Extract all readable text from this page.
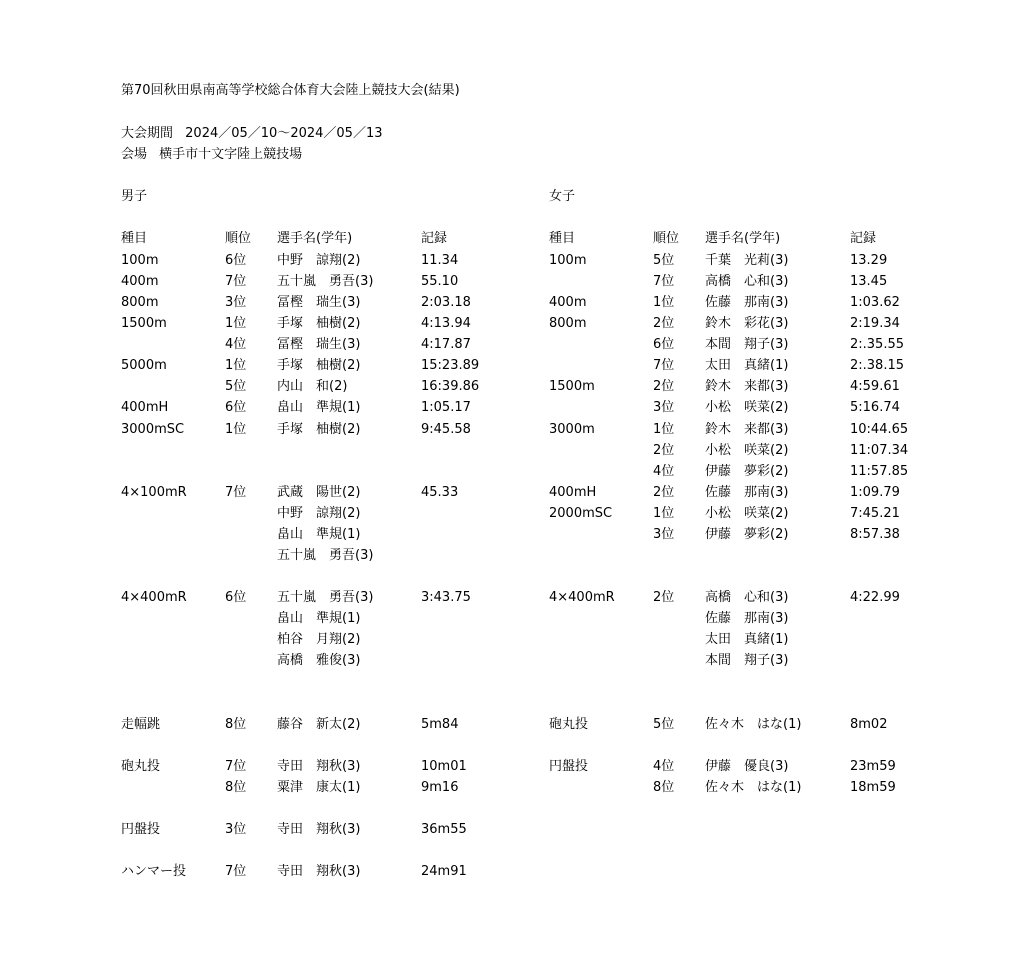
第70回秋田県南高等学校総合体育大会陸上競技大会(結果)
大会期間 2024／05／10〜2024／05／13
会場 横手市十文字陸上競技場
男子	女子
種目	順位 選手名(学年)	記録	種目	順位 選手名(学年)	記録
100m	6位 中野　諒翔(2)	11.34
400m	7位 五十嵐　勇吾(3)	55.10
800m	3位 冨樫　瑞生(3)	2:03.18
1500m	1位 手塚　柚樹(2)	4:13.94
4位 冨樫　瑞生(3)	4:17.87
5000m	1位 手塚　柚樹(2)	15:23.89
5位 内山　和(2)	16:39.86
400mH	6位 畠山　準規(1)	1:05.17
3000mSC	1位 手塚　柚樹(2)	9:45.58
4×100mR	7位 武蔵　陽世(2)	45.33
中野　諒翔(2)
畠山　準規(1)
五十嵐　勇吾(3)
4×400mR	6位 五十嵐　勇吾(3)	3:43.75
畠山　準規(1)
柏谷　月翔(2)
高橋　雅俊(3)
走幅跳	8位 藤谷　新太(2)	5m84
砲丸投	7位 寺田　翔秋(3)	10m01
8位 粟津　康太(1)	9m16
円盤投	3位 寺田　翔秋(3)	36m55
ハンマー投	7位 寺田　翔秋(3)	24m91
100m	5位 千葉　光莉(3)	13.29
7位 高橋　心和(3)	13.45
400m	1位 佐藤　那南(3)	1:03.62
800m	2位 鈴木　彩花(3)	2:19.34
6位 本間　翔子(3)	2:.35.55
7位 太田　真緒(1)	2:.38.15
1500m	2位 鈴木　来都(3)	4:59.61
3位 小松　咲菜(2)	5:16.74
3000m	1位 鈴木　来都(3)	10:44.65
2位 小松　咲菜(2)	11:07.34
4位 伊藤　夢彩(2)	11:57.85
400mH	2位 佐藤　那南(3)	1:09.79
2000mSC	1位 小松　咲菜(2)	7:45.21
3位 伊藤　夢彩(2)	8:57.38
4×400mR	2位 高橋　心和(3)	4:22.99
佐藤　那南(3)
太田　真緒(1)
本間　翔子(3)
砲丸投	5位 佐々木　はな(1)	8m02
円盤投	4位 伊藤　優良(3)	23m59
8位 佐々木　はな(1)	18m59
